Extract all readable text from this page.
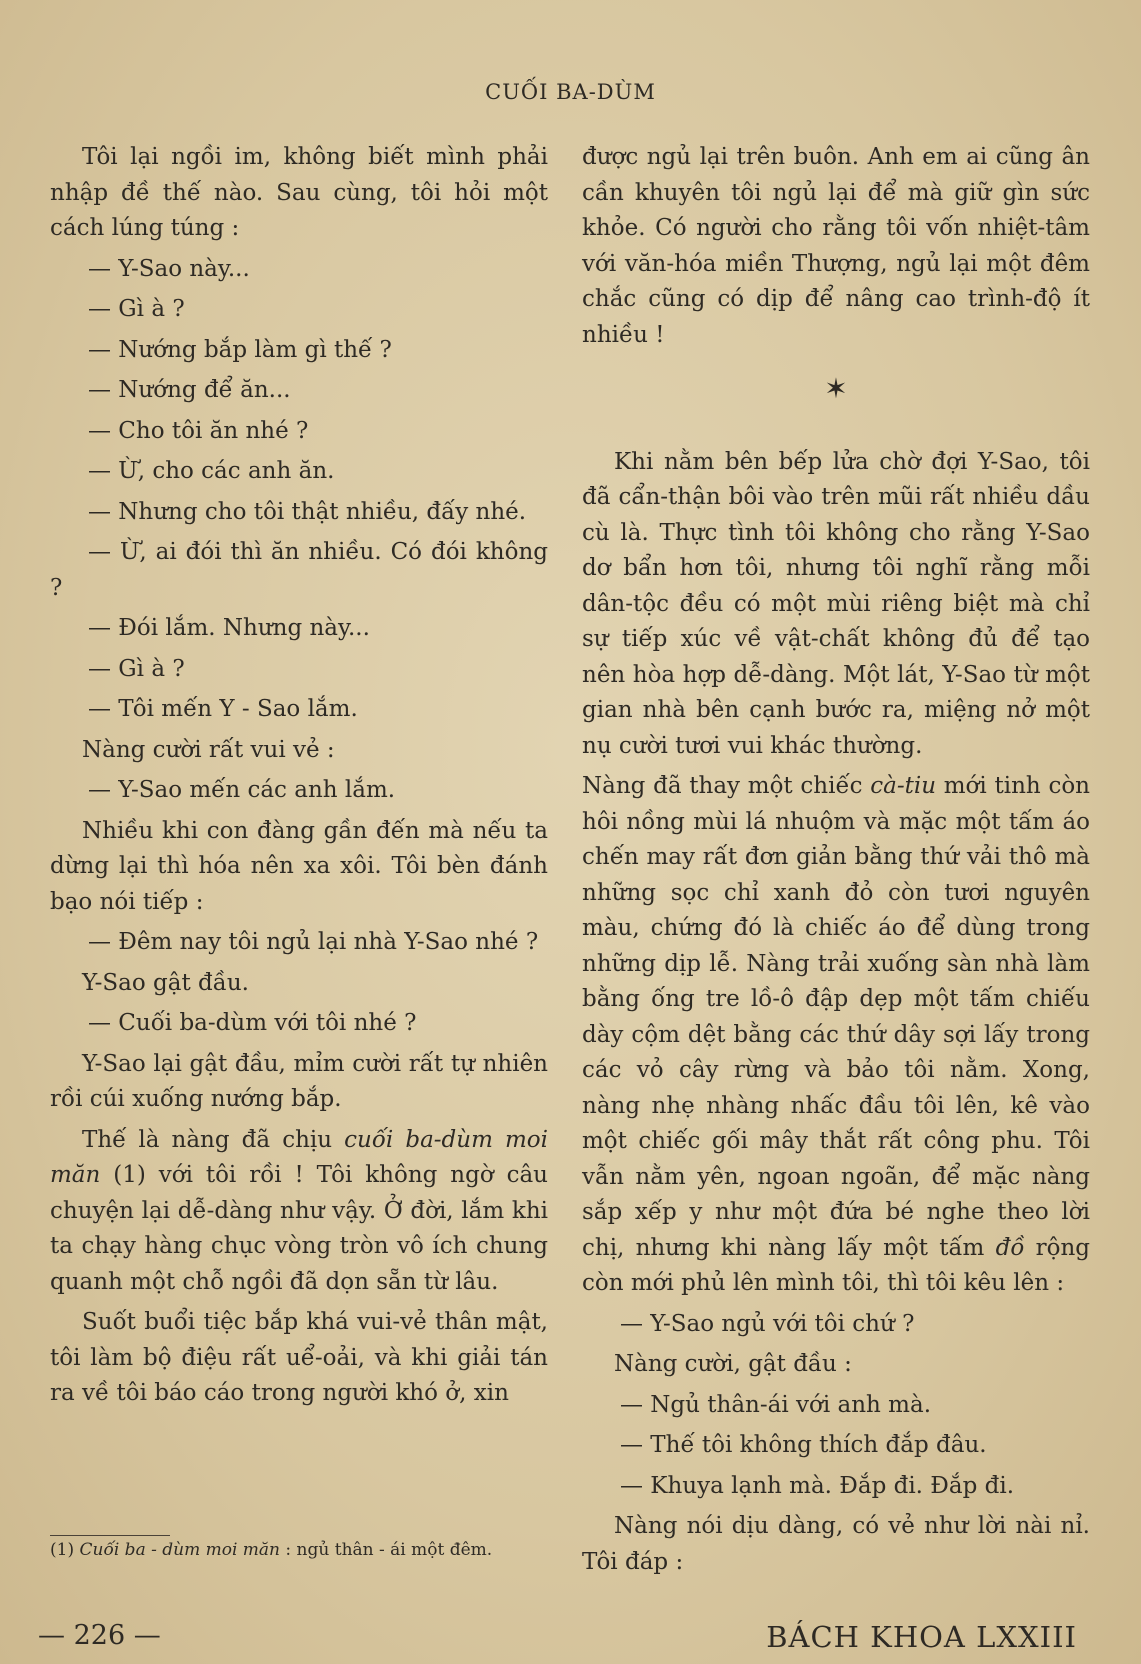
CUỐI BA-DÙM

Tôi lại ngồi im, không biết mình phải nhập đề thế nào. Sau cùng, tôi hỏi một cách lúng túng :

— Y-Sao này...

— Gì à ?

— Nướng bắp làm gì thế ?

— Nướng để ăn...

— Cho tôi ăn nhé ?

— Ừ, cho các anh ăn.

— Nhưng cho tôi thật nhiều, đấy nhé.

— Ừ, ai đói thì ăn nhiều. Có đói không ?

— Đói lắm. Nhưng này...

— Gì à ?

— Tôi mến Y - Sao lắm.

Nàng cười rất vui vẻ :

— Y-Sao mến các anh lắm.

Nhiều khi con đàng gần đến mà nếu ta dừng lại thì hóa nên xa xôi. Tôi bèn đánh bạo nói tiếp :

— Đêm nay tôi ngủ lại nhà Y-Sao nhé ?

Y-Sao gật đầu.

— Cuối ba-dùm với tôi nhé ?

Y-Sao lại gật đầu, mỉm cười rất tự nhiên rồi cúi xuống nướng bắp.

Thế là nàng đã chịu cuối ba-dùm moi măn (1) với tôi rồi ! Tôi không ngờ câu chuyện lại dễ-dàng như vậy. Ở đời, lắm khi ta chạy hàng chục vòng tròn vô ích chung quanh một chỗ ngồi đã dọn sẵn từ lâu.

Suốt buổi tiệc bắp khá vui-vẻ thân mật, tôi làm bộ điệu rất uể-oải, và khi giải tán ra về tôi báo cáo trong người khó ở, xin

(1) Cuối ba - dùm moi măn : ngủ thân - ái một đêm.

được ngủ lại trên buôn. Anh em ai cũng ân cần khuyên tôi ngủ lại để mà giữ gìn sức khỏe. Có người cho rằng tôi vốn nhiệt-tâm với văn-hóa miền Thượng, ngủ lại một đêm chắc cũng có dịp để nâng cao trình-độ ít nhiều !

✶

Khi nằm bên bếp lửa chờ đợi Y-Sao, tôi đã cẩn-thận bôi vào trên mũi rất nhiều dầu cù là. Thực tình tôi không cho rằng Y-Sao dơ bẩn hơn tôi, nhưng tôi nghĩ rằng mỗi dân-tộc đều có một mùi riêng biệt mà chỉ sự tiếp xúc về vật-chất không đủ để tạo nên hòa hợp dễ-dàng. Một lát, Y-Sao từ một gian nhà bên cạnh bước ra, miệng nở một nụ cười tươi vui khác thường.

Nàng đã thay một chiếc cà-tiu mới tinh còn hôi nồng mùi lá nhuộm và mặc một tấm áo chến may rất đơn giản bằng thứ vải thô mà những sọc chỉ xanh đỏ còn tươi nguyên màu, chứng đó là chiếc áo để dùng trong những dịp lễ. Nàng trải xuống sàn nhà làm bằng ống tre lồ-ô đập dẹp một tấm chiếu dày cộm dệt bằng các thứ dây sợi lấy trong các vỏ cây rừng và bảo tôi nằm. Xong, nàng nhẹ nhàng nhấc đầu tôi lên, kê vào một chiếc gối mây thắt rất công phu. Tôi vẫn nằm yên, ngoan ngoãn, để mặc nàng sắp xếp y như một đứa bé nghe theo lời chị, nhưng khi nàng lấy một tấm đồ rộng còn mới phủ lên mình tôi, thì tôi kêu lên :

— Y-Sao ngủ với tôi chứ ?

Nàng cười, gật đầu :

— Ngủ thân-ái với anh mà.

— Thế tôi không thích đắp đâu.

— Khuya lạnh mà. Đắp đi. Đắp đi.

Nàng nói dịu dàng, có vẻ như lời nài nỉ. Tôi đáp :

— 226 —	BÁCH KHOA LXXIII
